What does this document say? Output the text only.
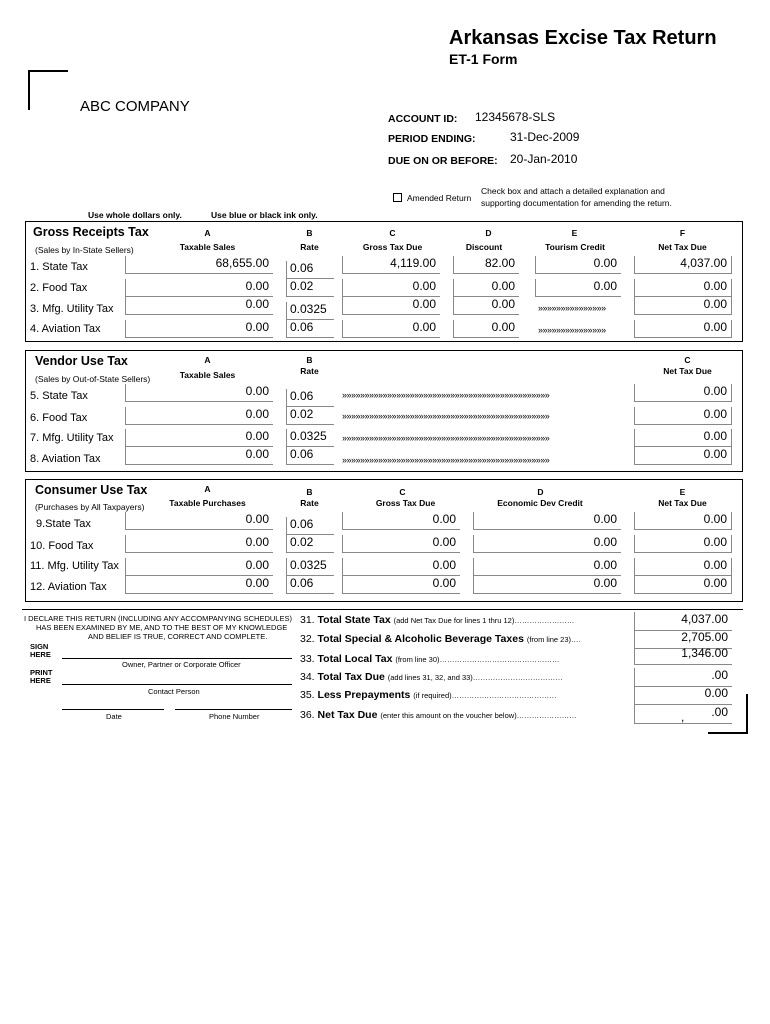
Arkansas Excise Tax Return
ET-1 Form
ABC COMPANY
ACCOUNT ID: 12345678-SLS
PERIOD ENDING:	31-Dec-2009
DUE ON OR BEFORE: 20-Jan-2010
Amended Return
Check box and attach a detailed explanation and
supporting documentation for amending the return.
Use whole dollars only.	Use blue or black ink only.
Gross Receipts Tax
(Sales by In-State Sellers)
A	B	C	D	E	F
Taxable Sales	Rate	Gross Tax Due	Discount	Tourism Credit	Net Tax Due
1. State Tax	68,655.00	0.06	4,119.00	82.00	0.00	4,037.00
2. Food Tax	0.00	0.02	0.00	0.00	0.00	0.00
3. Mfg. Utility Tax	0.00	0.0325	0.00	0.00	»»»»»»»»»»»»»»»	0.00
4. Aviation Tax	0.00	0.06	0.00	0.00	»»»»»»»»»»»»»»»	0.00
Vendor Use Tax
(Sales by Out-of-State Sellers)
A	B	C
Taxable Sales	Rate	Net Tax Due
5. State Tax	0.00	0.06	»»»»»»»»»»»»»»»»»»»»»»»»»»»»»»»»»»»»»»»»»»»»»»	0.00
6. Food Tax	0.00	0.02	»»»»»»»»»»»»»»»»»»»»»»»»»»»»»»»»»»»»»»»»»»»»»»	0.00
7. Mfg. Utility Tax	0.00	0.0325	»»»»»»»»»»»»»»»»»»»»»»»»»»»»»»»»»»»»»»»»»»»»»»	0.00
8. Aviation Tax	0.00	0.06	»»»»»»»»»»»»»»»»»»»»»»»»»»»»»»»»»»»»»»»»»»»»»»	0.00
Consumer Use Tax
(Purchases by All Taxpayers)
A	B	C	D	E
Taxable Purchases	Rate	Gross Tax Due	Economic Dev Credit	Net Tax Due
9.State Tax	0.00	0.06	0.00	0.00	0.00
10. Food Tax	0.00	0.02	0.00	0.00	0.00
11. Mfg. Utility Tax	0.00	0.0325	0.00	0.00	0.00
12. Aviation Tax	0.00	0.06	0.00	0.00	0.00
I DECLARE THIS RETURN (INCLUDING ANY ACCOMPANYING SCHEDULES)
HAS BEEN EXAMINED BY ME, AND TO THE BEST OF MY KNOWLEDGE
AND BELIEF IS TRUE, CORRECT AND COMPLETE.
SIGN
HERE
Owner, Partner or Corporate Officer
PRINT
HERE
Contact Person
Date	Phone Number
31. Total State Tax (add Net Tax Due for lines 1 thru 12)……………………	4,037.00
32. Total Special & Alcoholic Beverage Taxes (from line 23)….	2,705.00
33. Total Local Tax (from line 30)…………………………………………	1,346.00
34. Total Tax Due (add lines 31, 32, and 33)………………………………	.00
35. Less Prepayments (if required)……………………………………	0.00
36. Net Tax Due (enter this amount on the voucher below)……………………	.00
,
